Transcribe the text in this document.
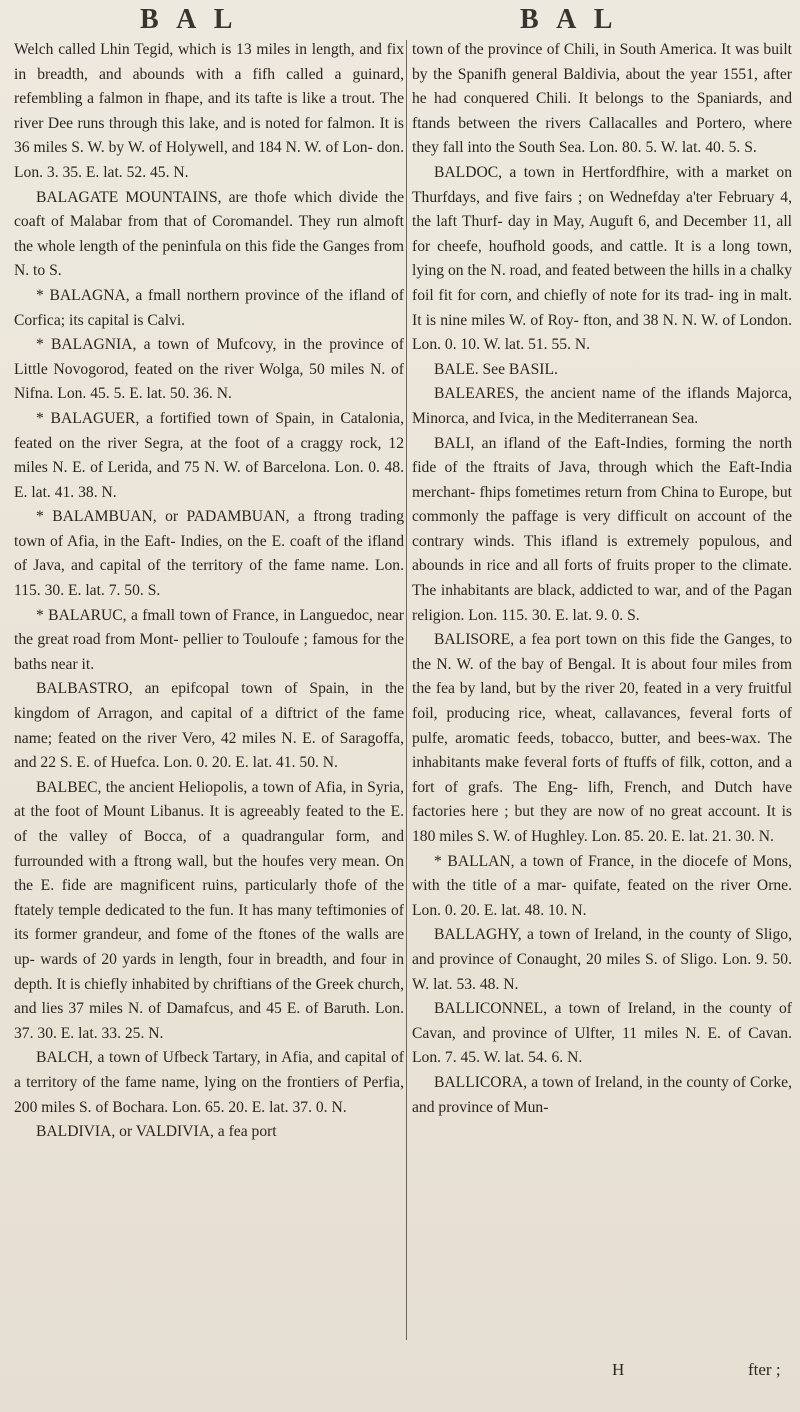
B A L	B A L

Welch called Lhin Tegid, which is 13 miles in length, and fix in breadth, and abounds with a fifh called a guinard, refembling a falmon in fhape, and its tafte is like a trout. The river Dee runs through this lake, and is noted for falmon. It is 36 miles S. W. by W. of Holywell, and 184 N. W. of Lon- don. Lon. 3. 35. E. lat. 52. 45. N.

BALAGATE MOUNTAINS, are thofe which divide the coaft of Malabar from that of Coromandel. They run almoft the whole length of the peninfula on this fide the Ganges from N. to S.

* BALAGNA, a fmall northern province of the ifland of Corfica; its capital is Calvi.

* BALAGNIA, a town of Mufcovy, in the province of Little Novogorod, feated on the river Wolga, 50 miles N. of Nifna. Lon. 45. 5. E. lat. 50. 36. N.

* BALAGUER, a fortified town of Spain, in Catalonia, feated on the river Segra, at the foot of a craggy rock, 12 miles N. E. of Lerida, and 75 N. W. of Barcelona. Lon. 0. 48. E. lat. 41. 38. N.

* BALAMBUAN, or PADAMBUAN, a ftrong trading town of Afia, in the Eaft- Indies, on the E. coaft of the ifland of Java, and capital of the territory of the fame name. Lon. 115. 30. E. lat. 7. 50. S.

* BALARUC, a fmall town of France, in Languedoc, near the great road from Mont- pellier to Touloufe ; famous for the baths near it.

BALBASTRO, an epifcopal town of Spain, in the kingdom of Arragon, and capital of a diftrict of the fame name; feated on the river Vero, 42 miles N. E. of Saragoffa, and 22 S. E. of Huefca. Lon. 0. 20. E. lat. 41. 50. N.

BALBEC, the ancient Heliopolis, a town of Afia, in Syria, at the foot of Mount Libanus. It is agreeably feated to the E. of the valley of Bocca, of a quadrangular form, and furrounded with a ftrong wall, but the houfes very mean. On the E. fide are magnificent ruins, particularly thofe of the ftately temple dedicated to the fun. It has many teftimonies of its former grandeur, and fome of the ftones of the walls are up- wards of 20 yards in length, four in breadth, and four in depth. It is chiefly inhabited by chriftians of the Greek church, and lies 37 miles N. of Damafcus, and 45 E. of Baruth. Lon. 37. 30. E. lat. 33. 25. N.

BALCH, a town of Ufbeck Tartary, in Afia, and capital of a territory of the fame name, lying on the frontiers of Perfia, 200 miles S. of Bochara. Lon. 65. 20. E. lat. 37. 0. N.

BALDIVIA, or VALDIVIA, a fea port

town of the province of Chili, in South America. It was built by the Spanifh general Baldivia, about the year 1551, after he had conquered Chili. It belongs to the Spaniards, and ftands between the rivers Callacalles and Portero, where they fall into the South Sea. Lon. 80. 5. W. lat. 40. 5. S.

BALDOC, a town in Hertfordfhire, with a market on Thurfdays, and five fairs ; on Wednefday a'ter February 4, the laft Thurf- day in May, Auguft 6, and December 11, all for cheefe, houfhold goods, and cattle. It is a long town, lying on the N. road, and feated between the hills in a chalky foil fit for corn, and chiefly of note for its trad- ing in malt. It is nine miles W. of Roy- fton, and 38 N. N. W. of London. Lon. 0. 10. W. lat. 51. 55. N.

BALE. See BASIL.

BALEARES, the ancient name of the iflands Majorca, Minorca, and Ivica, in the Mediterranean Sea.

BALI, an ifland of the Eaft-Indies, forming the north fide of the ftraits of Java, through which the Eaft-India merchant- fhips fometimes return from China to Europe, but commonly the paffage is very difficult on account of the contrary winds. This ifland is extremely populous, and abounds in rice and all forts of fruits proper to the climate. The inhabitants are black, addicted to war, and of the Pagan religion. Lon. 115. 30. E. lat. 9. 0. S.

BALISORE, a fea port town on this fide the Ganges, to the N. W. of the bay of Bengal. It is about four miles from the fea by land, but by the river 20, feated in a very fruitful foil, producing rice, wheat, callavances, feveral forts of pulfe, aromatic feeds, tobacco, butter, and bees-wax. The inhabitants make feveral forts of ftuffs of filk, cotton, and a fort of grafs. The Eng- lifh, French, and Dutch have factories here ; but they are now of no great account. It is 180 miles S. W. of Hughley. Lon. 85. 20. E. lat. 21. 30. N.

* BALLAN, a town of France, in the diocefe of Mons, with the title of a mar- quifate, feated on the river Orne. Lon. 0. 20. E. lat. 48. 10. N.

BALLAGHY, a town of Ireland, in the county of Sligo, and province of Conaught, 20 miles S. of Sligo. Lon. 9. 50. W. lat. 53. 48. N.

BALLICONNEL, a town of Ireland, in the county of Cavan, and province of Ulfter, 11 miles N. E. of Cavan. Lon. 7. 45. W. lat. 54. 6. N.

BALLICORA, a town of Ireland, in the county of Corke, and province of Mun-

H	fter ;
